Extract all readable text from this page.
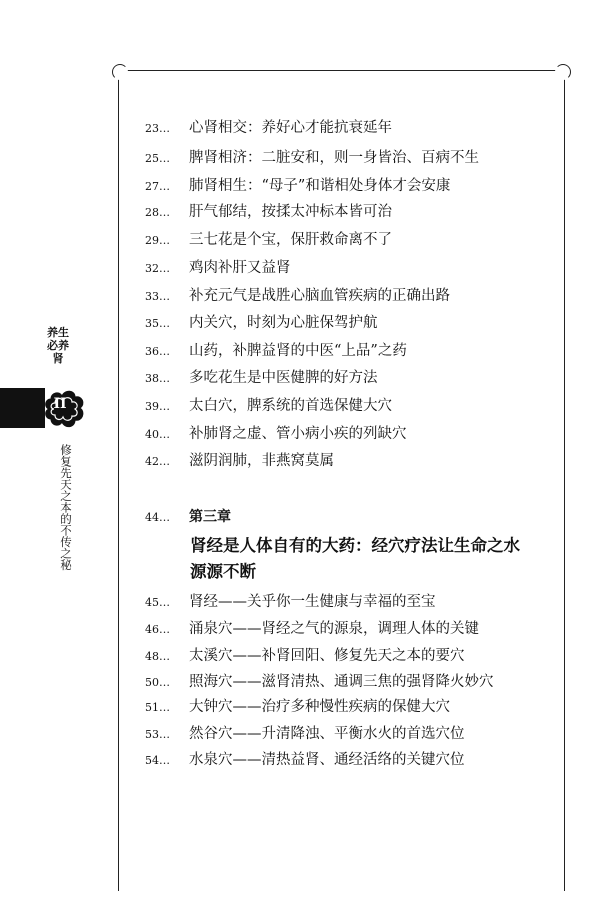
养生必养肾
II
修复先天之本的不传之秘
23… 心肾相交：养好心才能抗衰延年
25… 脾肾相济：二脏安和，则一身皆治、百病不生
27… 肺肾相生：“母子”和谐相处身体才会安康
28… 肝气郁结，按揉太冲标本皆可治
29… 三七花是个宝，保肝救命离不了
32… 鸡肉补肝又益肾
33… 补充元气是战胜心脑血管疾病的正确出路
35… 内关穴，时刻为心脏保驾护航
36… 山药，补脾益肾的中医“上品”之药
38… 多吃花生是中医健脾的好方法
39… 太白穴，脾系统的首选保健大穴
40… 补肺肾之虚、管小病小疾的列缺穴
42… 滋阴润肺，非燕窝莫属
44… 第三章
肾经是人体自有的大药：经穴疗法让生命之水源源不断
45… 肾经——关乎你一生健康与幸福的至宝
46… 涌泉穴——肾经之气的源泉，调理人体的关键
48… 太溪穴——补肾回阳、修复先天之本的要穴
50… 照海穴——滋肾清热、通调三焦的强肾降火妙穴
51… 大钟穴——治疗多种慢性疾病的保健大穴
53… 然谷穴——升清降浊、平衡水火的首选穴位
54… 水泉穴——清热益肾、通经活络的关键穴位
